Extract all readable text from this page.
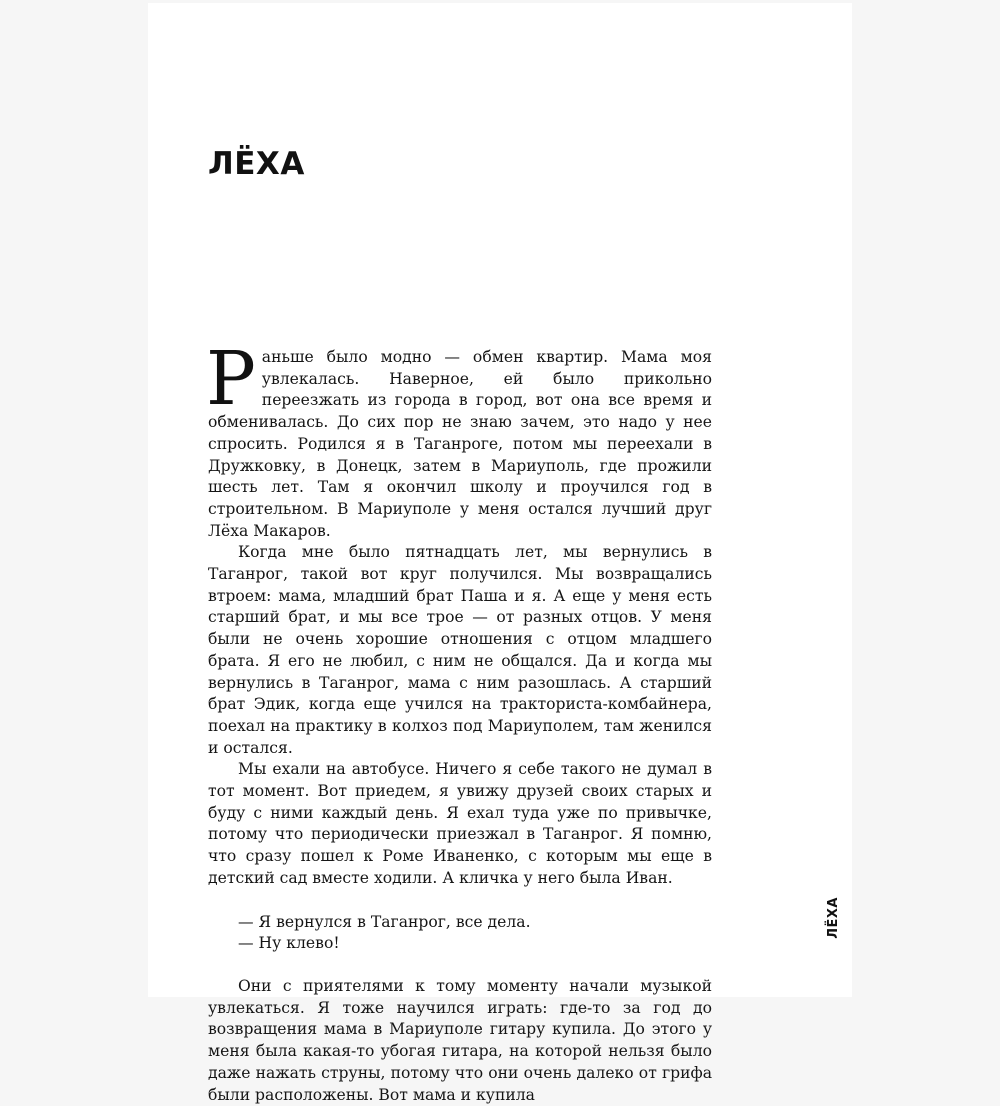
ЛЁХА

Раньше было модно — обмен квартир. Мама моя увлекалась. Наверное, ей было прикольно переезжать из города в город, вот она все время и обменивалась. До сих пор не знаю зачем, это надо у нее спросить. Родился я в Таганроге, потом мы переехали в Дружковку, в Донецк, затем в Мариуполь, где прожили шесть лет. Там я окончил школу и проучился год в строительном. В Мариуполе у меня остался лучший друг Лёха Макаров.

Когда мне было пятнадцать лет, мы вернулись в Таганрог, такой вот круг получился. Мы возвращались втроем: мама, младший брат Паша и я. А еще у меня есть старший брат, и мы все трое — от разных отцов. У меня были не очень хорошие отношения с отцом младшего брата. Я его не любил, с ним не общался. Да и когда мы вернулись в Таганрог, мама с ним разошлась. А старший брат Эдик, когда еще учился на тракториста-комбайнера, поехал на практику в колхоз под Мариуполем, там женился и остался.

Мы ехали на автобусе. Ничего я себе такого не думал в тот момент. Вот приедем, я увижу друзей своих старых и буду с ними каждый день. Я ехал туда уже по привычке, потому что периодически приезжал в Таганрог. Я помню, что сразу пошел к Роме Иваненко, с которым мы еще в детский сад вместе ходили. А кличка у него была Иван.

— Я вернулся в Таганрог, все дела.

— Ну клево!

Они с приятелями к тому моменту начали музыкой увлекаться. Я тоже научился играть: где-то за год до возвращения мама в Мариуполе гитару купила. До этого у меня была какая-то убогая гитара, на которой нельзя было даже нажать струны, потому что они очень далеко от грифа были расположены. Вот мама и купила

ЛЁХА
